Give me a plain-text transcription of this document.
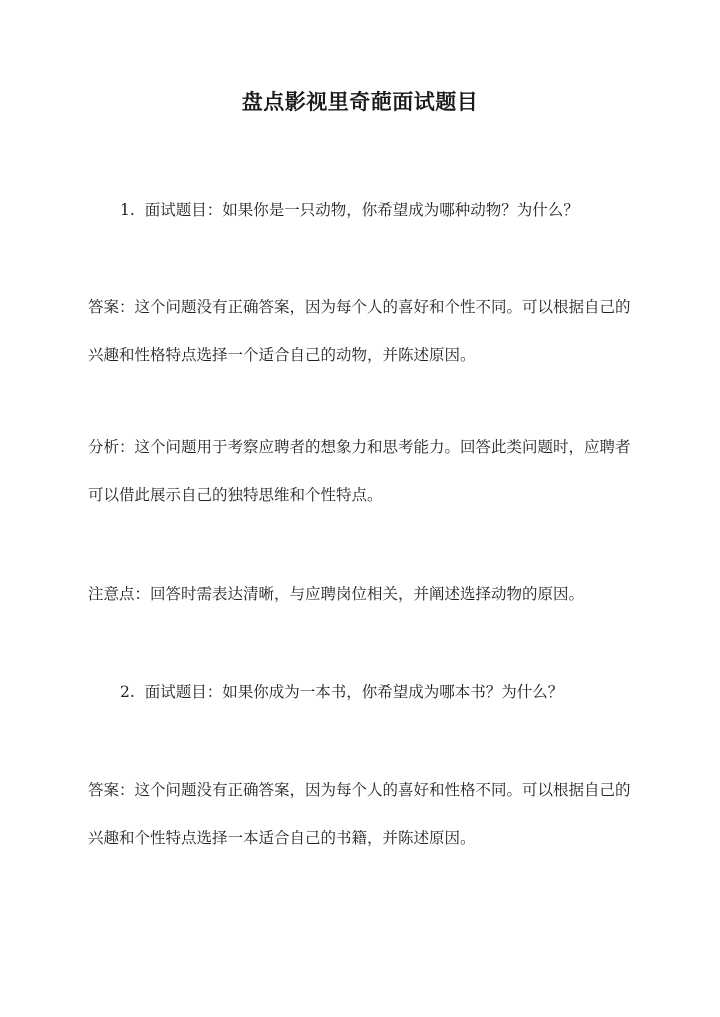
盘点影视里奇葩面试题目
1. 面试题目：如果你是一只动物，你希望成为哪种动物？为什么？

答案：这个问题没有正确答案，因为每个人的喜好和个性不同。可以根据自己的兴趣和性格特点选择一个适合自己的动物，并陈述原因。

分析：这个问题用于考察应聘者的想象力和思考能力。回答此类问题时，应聘者可以借此展示自己的独特思维和个性特点。

注意点：回答时需表达清晰，与应聘岗位相关，并阐述选择动物的原因。

2. 面试题目：如果你成为一本书，你希望成为哪本书？为什么？

答案：这个问题没有正确答案，因为每个人的喜好和性格不同。可以根据自己的兴趣和个性特点选择一本适合自己的书籍，并陈述原因。
